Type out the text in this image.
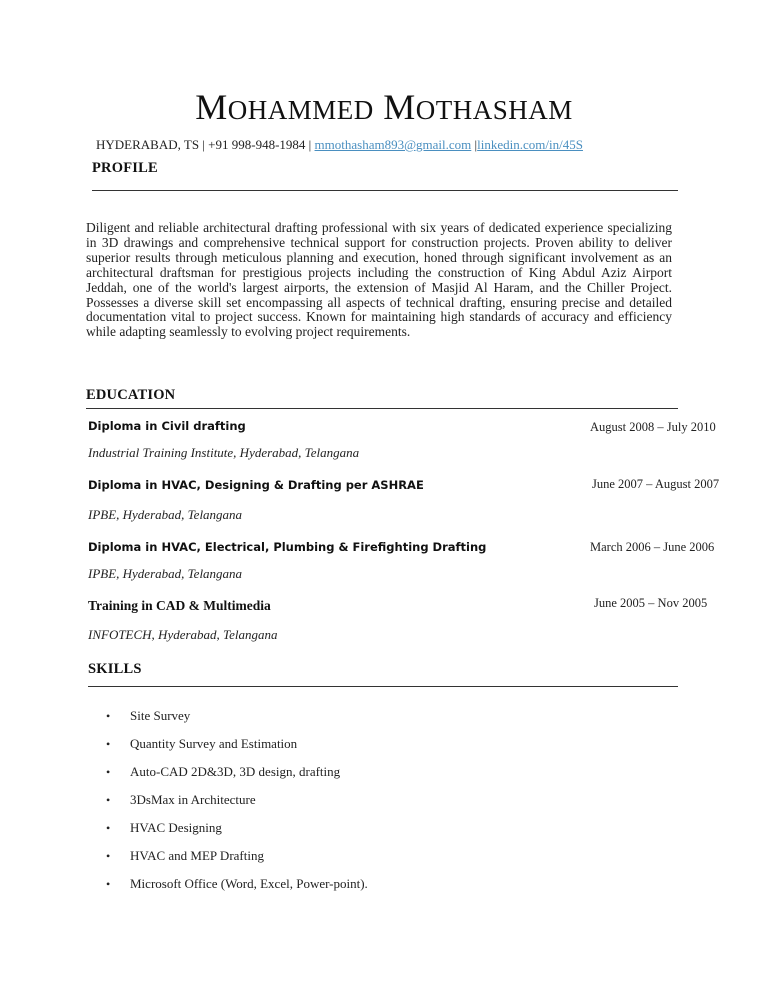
MOHAMMED MOTHASHAM
HYDERABAD, TS | +91 998-948-1984 | mmothasham893@gmail.com |linkedin.com/in/45S
PROFILE
Diligent and reliable architectural drafting professional with six years of dedicated experience specializing in 3D drawings and comprehensive technical support for construction projects. Proven ability to deliver superior results through meticulous planning and execution, honed through significant involvement as an architectural draftsman for prestigious projects including the construction of King Abdul Aziz Airport Jeddah, one of the world's largest airports, the extension of Masjid Al Haram, and the Chiller Project. Possesses a diverse skill set encompassing all aspects of technical drafting, ensuring precise and detailed documentation vital to project success. Known for maintaining high standards of accuracy and efficiency while adapting seamlessly to evolving project requirements.
EDUCATION
Diploma in Civil drafting	August 2008 – July 2010
Industrial Training Institute, Hyderabad, Telangana
Diploma in HVAC, Designing & Drafting per ASHRAE	June 2007 – August 2007
IPBE, Hyderabad, Telangana
Diploma in HVAC, Electrical, Plumbing & Firefighting Drafting	March 2006 – June 2006
IPBE, Hyderabad, Telangana
Training in CAD & Multimedia	June 2005 – Nov 2005
INFOTECH, Hyderabad, Telangana
SKILLS
• Site Survey
• Quantity Survey and Estimation
• Auto-CAD 2D&3D, 3D design, drafting
• 3DsMax in Architecture
• HVAC Designing
• HVAC and MEP Drafting
• Microsoft Office (Word, Excel, Power-point).
